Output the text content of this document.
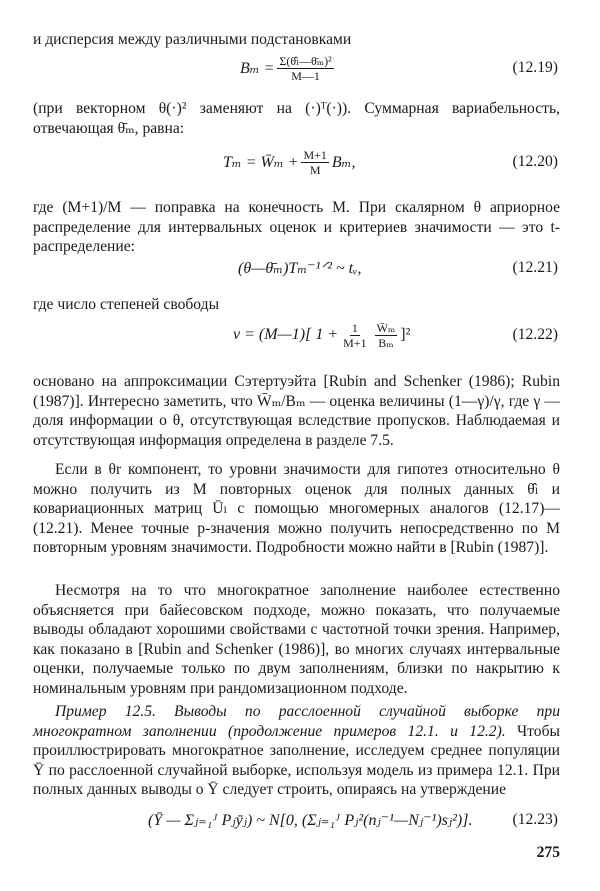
и дисперсия между различными подстановками
$B_m = \frac{\text{Σ(θ̂ₗ—θ̄ₘ)²}}{M—1}$	(12.19)
(при векторном θ(·)² заменяют на (·)ᵀ(·)). Суммарная вариабельность, отвечающая θ̄ₘ, равна:
Tₘ = W̄ₘ + $\frac{M+1}{M} B_m$,	(12.20)
где (M+1)/M — поправка на конечность M. При скалярном θ априорное распределение для интервальных оценок и критериев значимости — это t-распределение:
(θ—θ̄ₘ)Tₘ⁻¹ᐟ² ~ tᵥ,	(12.21)
где число степеней свободы
ν = (M—1)[ $1 + \frac{1}{M+1} \frac{\text{W̄ₘ}}{\text{Bₘ}} ]^2$	(12.22)
основано на аппроксимации Сэтертуэйта [Rubin and Schenker (1986); Rubin (1987)]. Интересно заметить, что W̄ₘ/Bₘ — оценка величины (1—γ)/γ, где γ — доля информации о θ, отсутствующая вследствие пропусков. Наблюдаемая и отсутствующая информация определена в разделе 7.5.
Если в θr компонент, то уровни значимости для гипотез относительно θ можно получить из M повторных оценок для полных данных θ̂ₗ и ковариационных матриц Ūₗ с помощью многомерных аналогов (12.17)—(12.21). Менее точные p-значения можно получить непосредственно по M повторным уровням значимости. Подробности можно найти в [Rubin (1987)].
Несмотря на то что многократное заполнение наиболее естественно объясняется при байесовском подходе, можно показать, что получаемые выводы обладают хорошими свойствами с частотной точки зрения. Например, как показано в [Rubin and Schenker (1986)], во многих случаях интервальные оценки, получаемые только по двум заполнениям, близки по накрытию к номинальным уровням при рандомизационном подходе.
Пример 12.5. Выводы по расслоенной случайной выборке при многократном заполнении (продолжение примеров 12.1. и 12.2). Чтобы проиллюстрировать многократное заполнение, исследуем среднее популяции Ȳ по расслоенной случайной выборке, используя модель из примера 12.1. При полных данных выводы о Ȳ следует строить, опираясь на утверждение
(Ȳ — Σⱼ₌₁ᴶ Pⱼȳⱼ) ~ N[0, (Σⱼ₌₁ᴶ Pⱼ²(nⱼ⁻¹—Nⱼ⁻¹)sⱼ²)].	(12.23)
275
